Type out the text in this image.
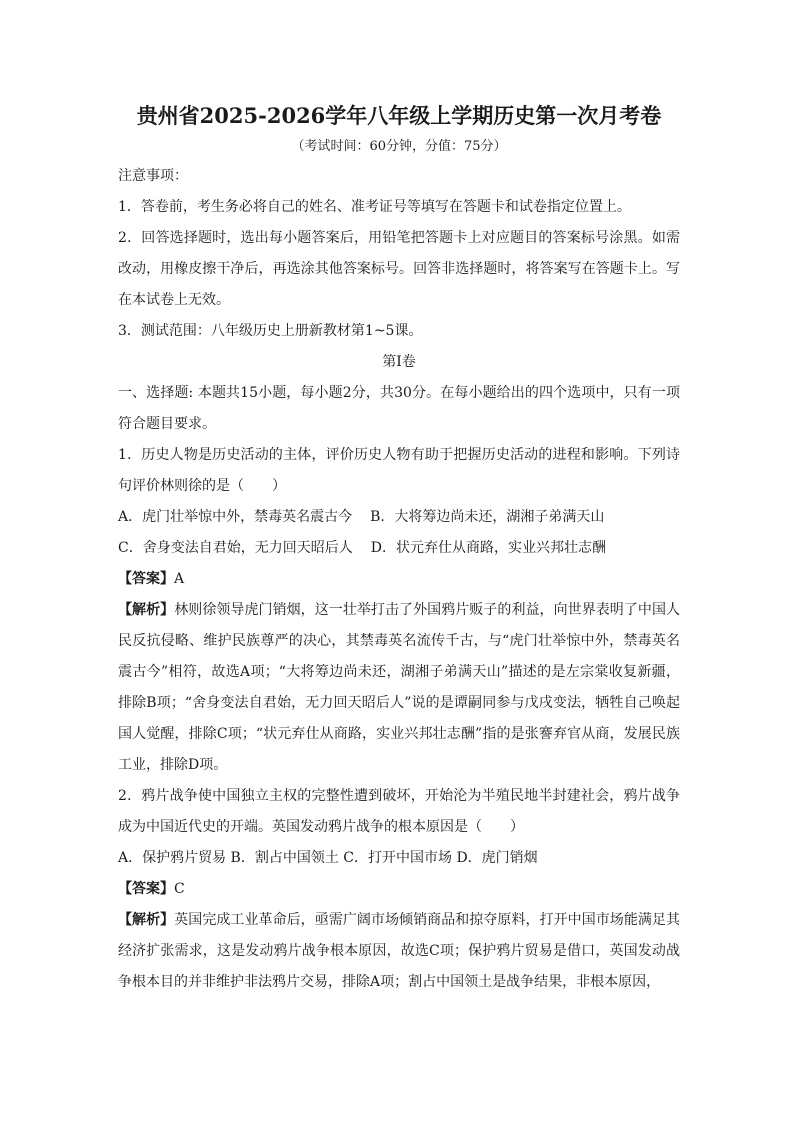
贵州省2025-2026学年八年级上学期历史第一次月考卷

（考试时间：60分钟，分值：75分）

注意事项：

1．答卷前，考生务必将自己的姓名、准考证号等填写在答题卡和试卷指定位置上。

2．回答选择题时，选出每小题答案后，用铅笔把答题卡上对应题目的答案标号涂黑。如需改动，用橡皮擦干净后，再选涂其他答案标号。回答非选择题时，将答案写在答题卡上。写在本试卷上无效。

3．测试范围：八年级历史上册新教材第1~5课。

第Ⅰ卷

一、选择题: 本题共15小题，每小题2分，共30分。在每小题给出的四个选项中，只有一项符合题目要求。

1．历史人物是历史活动的主体，评价历史人物有助于把握历史活动的进程和影响。下列诗句评价林则徐的是（　　）

A．虎门壮举惊中外，禁毒英名震古今 B．大将筹边尚未还，湖湘子弟满天山

C．舍身变法自君始，无力回天昭后人 D．状元弃仕从商路，实业兴邦壮志酬

【答案】A

【解析】林则徐领导虎门销烟，这一壮举打击了外国鸦片贩子的利益，向世界表明了中国人民反抗侵略、维护民族尊严的决心，其禁毒英名流传千古，与“虎门壮举惊中外，禁毒英名震古今”相符，故选A项；“大将筹边尚未还，湖湘子弟满天山”描述的是左宗棠收复新疆，排除B项；“舍身变法自君始，无力回天昭后人”说的是谭嗣同参与戊戌变法，牺牲自己唤起国人觉醒，排除C项；“状元弃仕从商路，实业兴邦壮志酬”指的是张謇弃官从商，发展民族工业，排除D项。

2．鸦片战争使中国独立主权的完整性遭到破坏，开始沦为半殖民地半封建社会，鸦片战争成为中国近代史的开端。英国发动鸦片战争的根本原因是（　　）

A．保护鸦片贸易 B．割占中国领土 C．打开中国市场 D．虎门销烟

【答案】C

【解析】英国完成工业革命后，亟需广阔市场倾销商品和掠夺原料，打开中国市场能满足其经济扩张需求，这是发动鸦片战争根本原因，故选C项；保护鸦片贸易是借口，英国发动战争根本目的并非维护非法鸦片交易，排除A项；割占中国领土是战争结果，非根本原因，
